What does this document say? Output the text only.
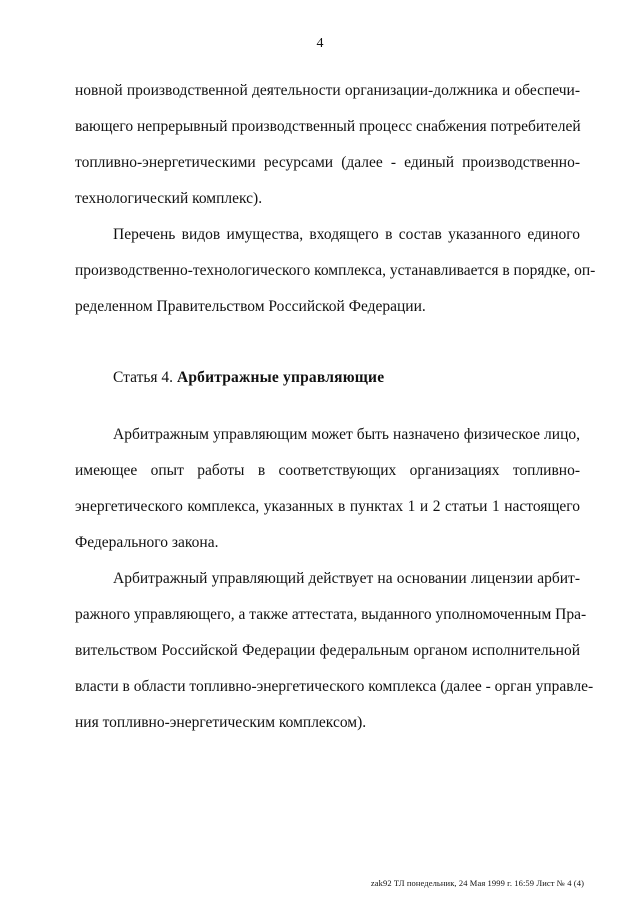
4
новной производственной деятельности организации-должника и обеспечи-
вающего непрерывный производственный процесс снабжения потребителей
топливно-энергетическими ресурсами (далее - единый производственно-
технологический комплекс).
Перечень видов имущества, входящего в состав указанного единого
производственно-технологического комплекса, устанавливается в порядке, оп-
ределенном Правительством Российской Федерации.
Статья 4. Арбитражные управляющие
Арбитражным управляющим может быть назначено физическое лицо,
имеющее опыт работы в соответствующих организациях топливно-
энергетического комплекса, указанных в пунктах 1 и 2 статьи 1 настоящего
Федерального закона.
Арбитражный управляющий действует на основании лицензии арбит-
ражного управляющего, а также аттестата, выданного уполномоченным Пра-
вительством Российской Федерации федеральным органом исполнительной
власти в области топливно-энергетического комплекса (далее - орган управле-
ния топливно-энергетическим комплексом).
zak92 ТЛ понедельник, 24 Мая 1999 г. 16:59 Лист № 4 (4)
